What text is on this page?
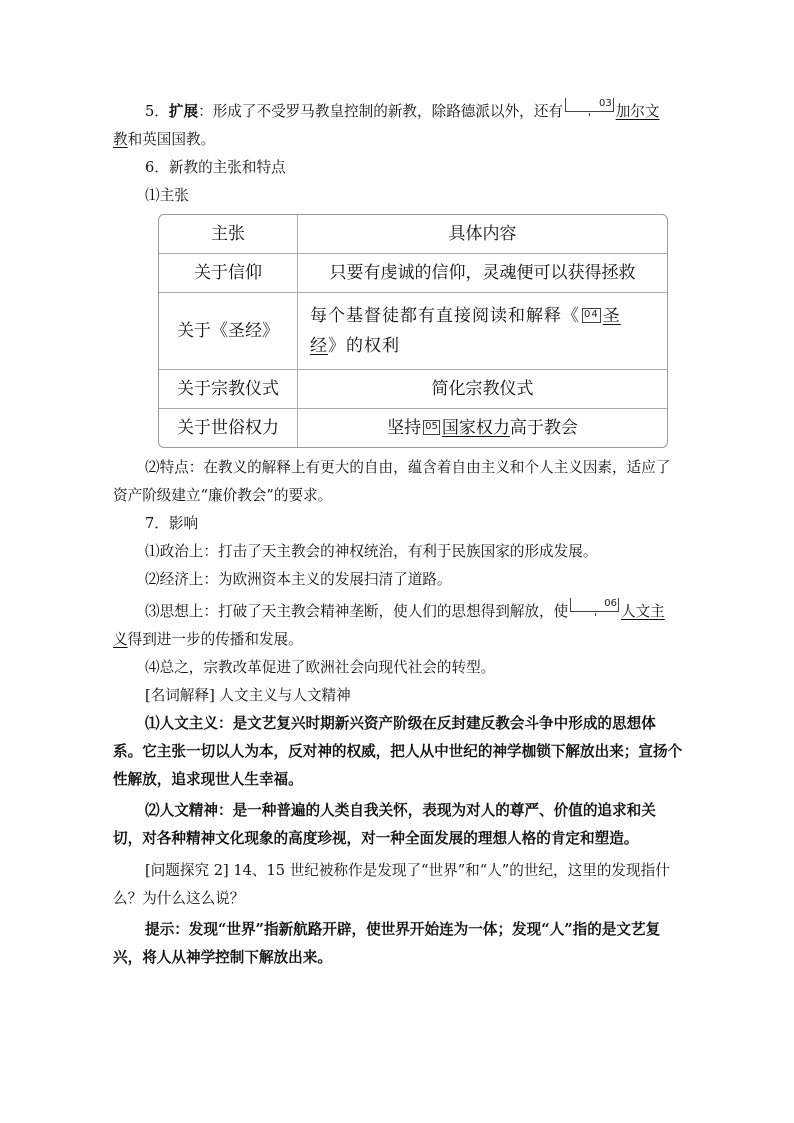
5．扩展：形成了不受罗马教皇控制的新教，除路德派以外，还有	03 加尔文
教和英国国教。

6．新教的主张和特点

⑴主张

主张	具体内容
关于信仰	只要有虔诚的信仰，灵魂便可以获得拯救
关于《圣经》	每个基督徒都有直接阅读和解释《 04 圣
经》的权利
关于宗教仪式	简化宗教仪式
关于世俗权力	坚持 05 国家权力高于教会

⑵特点：在教义的解释上有更大的自由，蕴含着自由主义和个人主义因素，适应了资产阶级建立“廉价教会”的要求。

7．影响

⑴政治上：打击了天主教会的神权统治，有利于民族国家的形成发展。

⑵经济上：为欧洲资本主义的发展扫清了道路。

⑶思想上：打破了天主教会精神垄断，使人们的思想得到解放，使	06 人文主
义得到进一步的传播和发展。

⑷总之，宗教改革促进了欧洲社会向现代社会的转型。

[名词解释] 人文主义与人文精神

⑴人文主义：是文艺复兴时期新兴资产阶级在反封建反教会斗争中形成的思想体系。它主张一切以人为本，反对神的权威，把人从中世纪的神学枷锁下解放出来；宣扬个性解放，追求现世人生幸福。

⑵人文精神：是一种普遍的人类自我关怀，表现为对人的尊严、价值的追求和关切，对各种精神文化现象的高度珍视，对一种全面发展的理想人格的肯定和塑造。

[问题探究 2] 14、15 世纪被称作是发现了“世界”和“人”的世纪，这里的发现指什么？为什么这么说？

提示：发现“世界”指新航路开辟，使世界开始连为一体；发现“人”指的是文艺复兴，将人从神学控制下解放出来。
